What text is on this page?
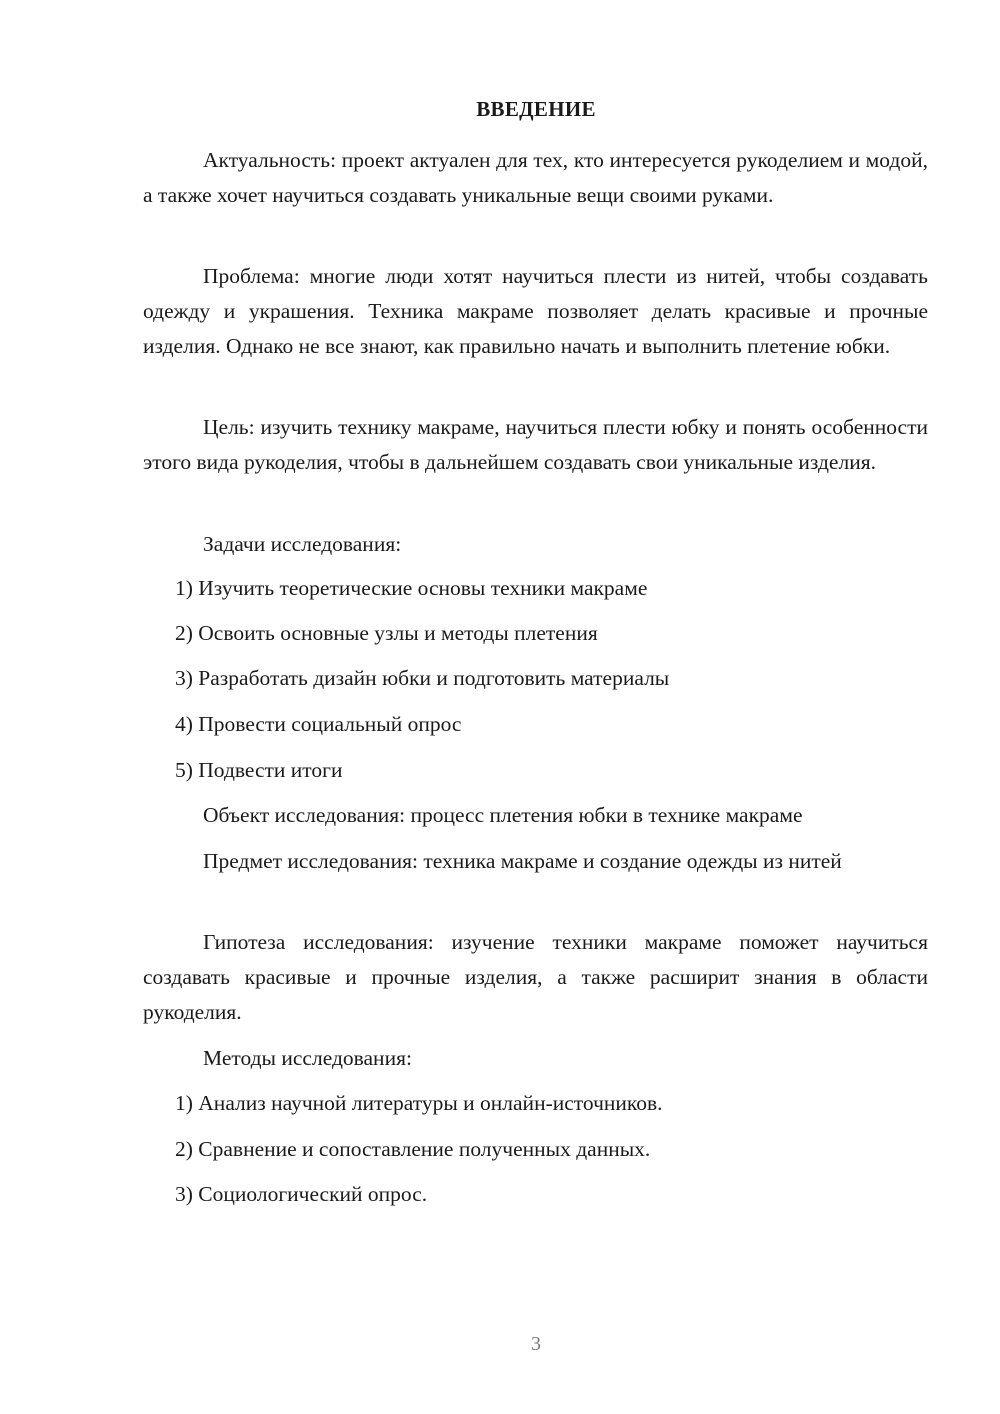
ВВЕДЕНИЕ

Актуальность: проект актуален для тех, кто интересуется рукоделием и модой, а также хочет научиться создавать уникальные вещи своими руками.

Проблема: многие люди хотят научиться плести из нитей, чтобы создавать одежду и украшения. Техника макраме позволяет делать красивые и прочные изделия. Однако не все знают, как правильно начать и выполнить плетение юбки.

Цель: изучить технику макраме, научиться плести юбку и понять особенности этого вида рукоделия, чтобы в дальнейшем создавать свои уникальные изделия.

Задачи исследования:

1) Изучить теоретические основы техники макраме

2) Освоить основные узлы и методы плетения

3) Разработать дизайн юбки и подготовить материалы

4) Провести социальный опрос

5) Подвести итоги

Объект исследования: процесс плетения юбки в технике макраме

Предмет исследования: техника макраме и создание одежды из нитей

Гипотеза исследования: изучение техники макраме поможет научиться создавать красивые и прочные изделия, а также расширит знания в области рукоделия.

Методы исследования:

1) Анализ научной литературы и онлайн-источников.

2) Сравнение и сопоставление полученных данных.

3) Социологический опрос.

3
